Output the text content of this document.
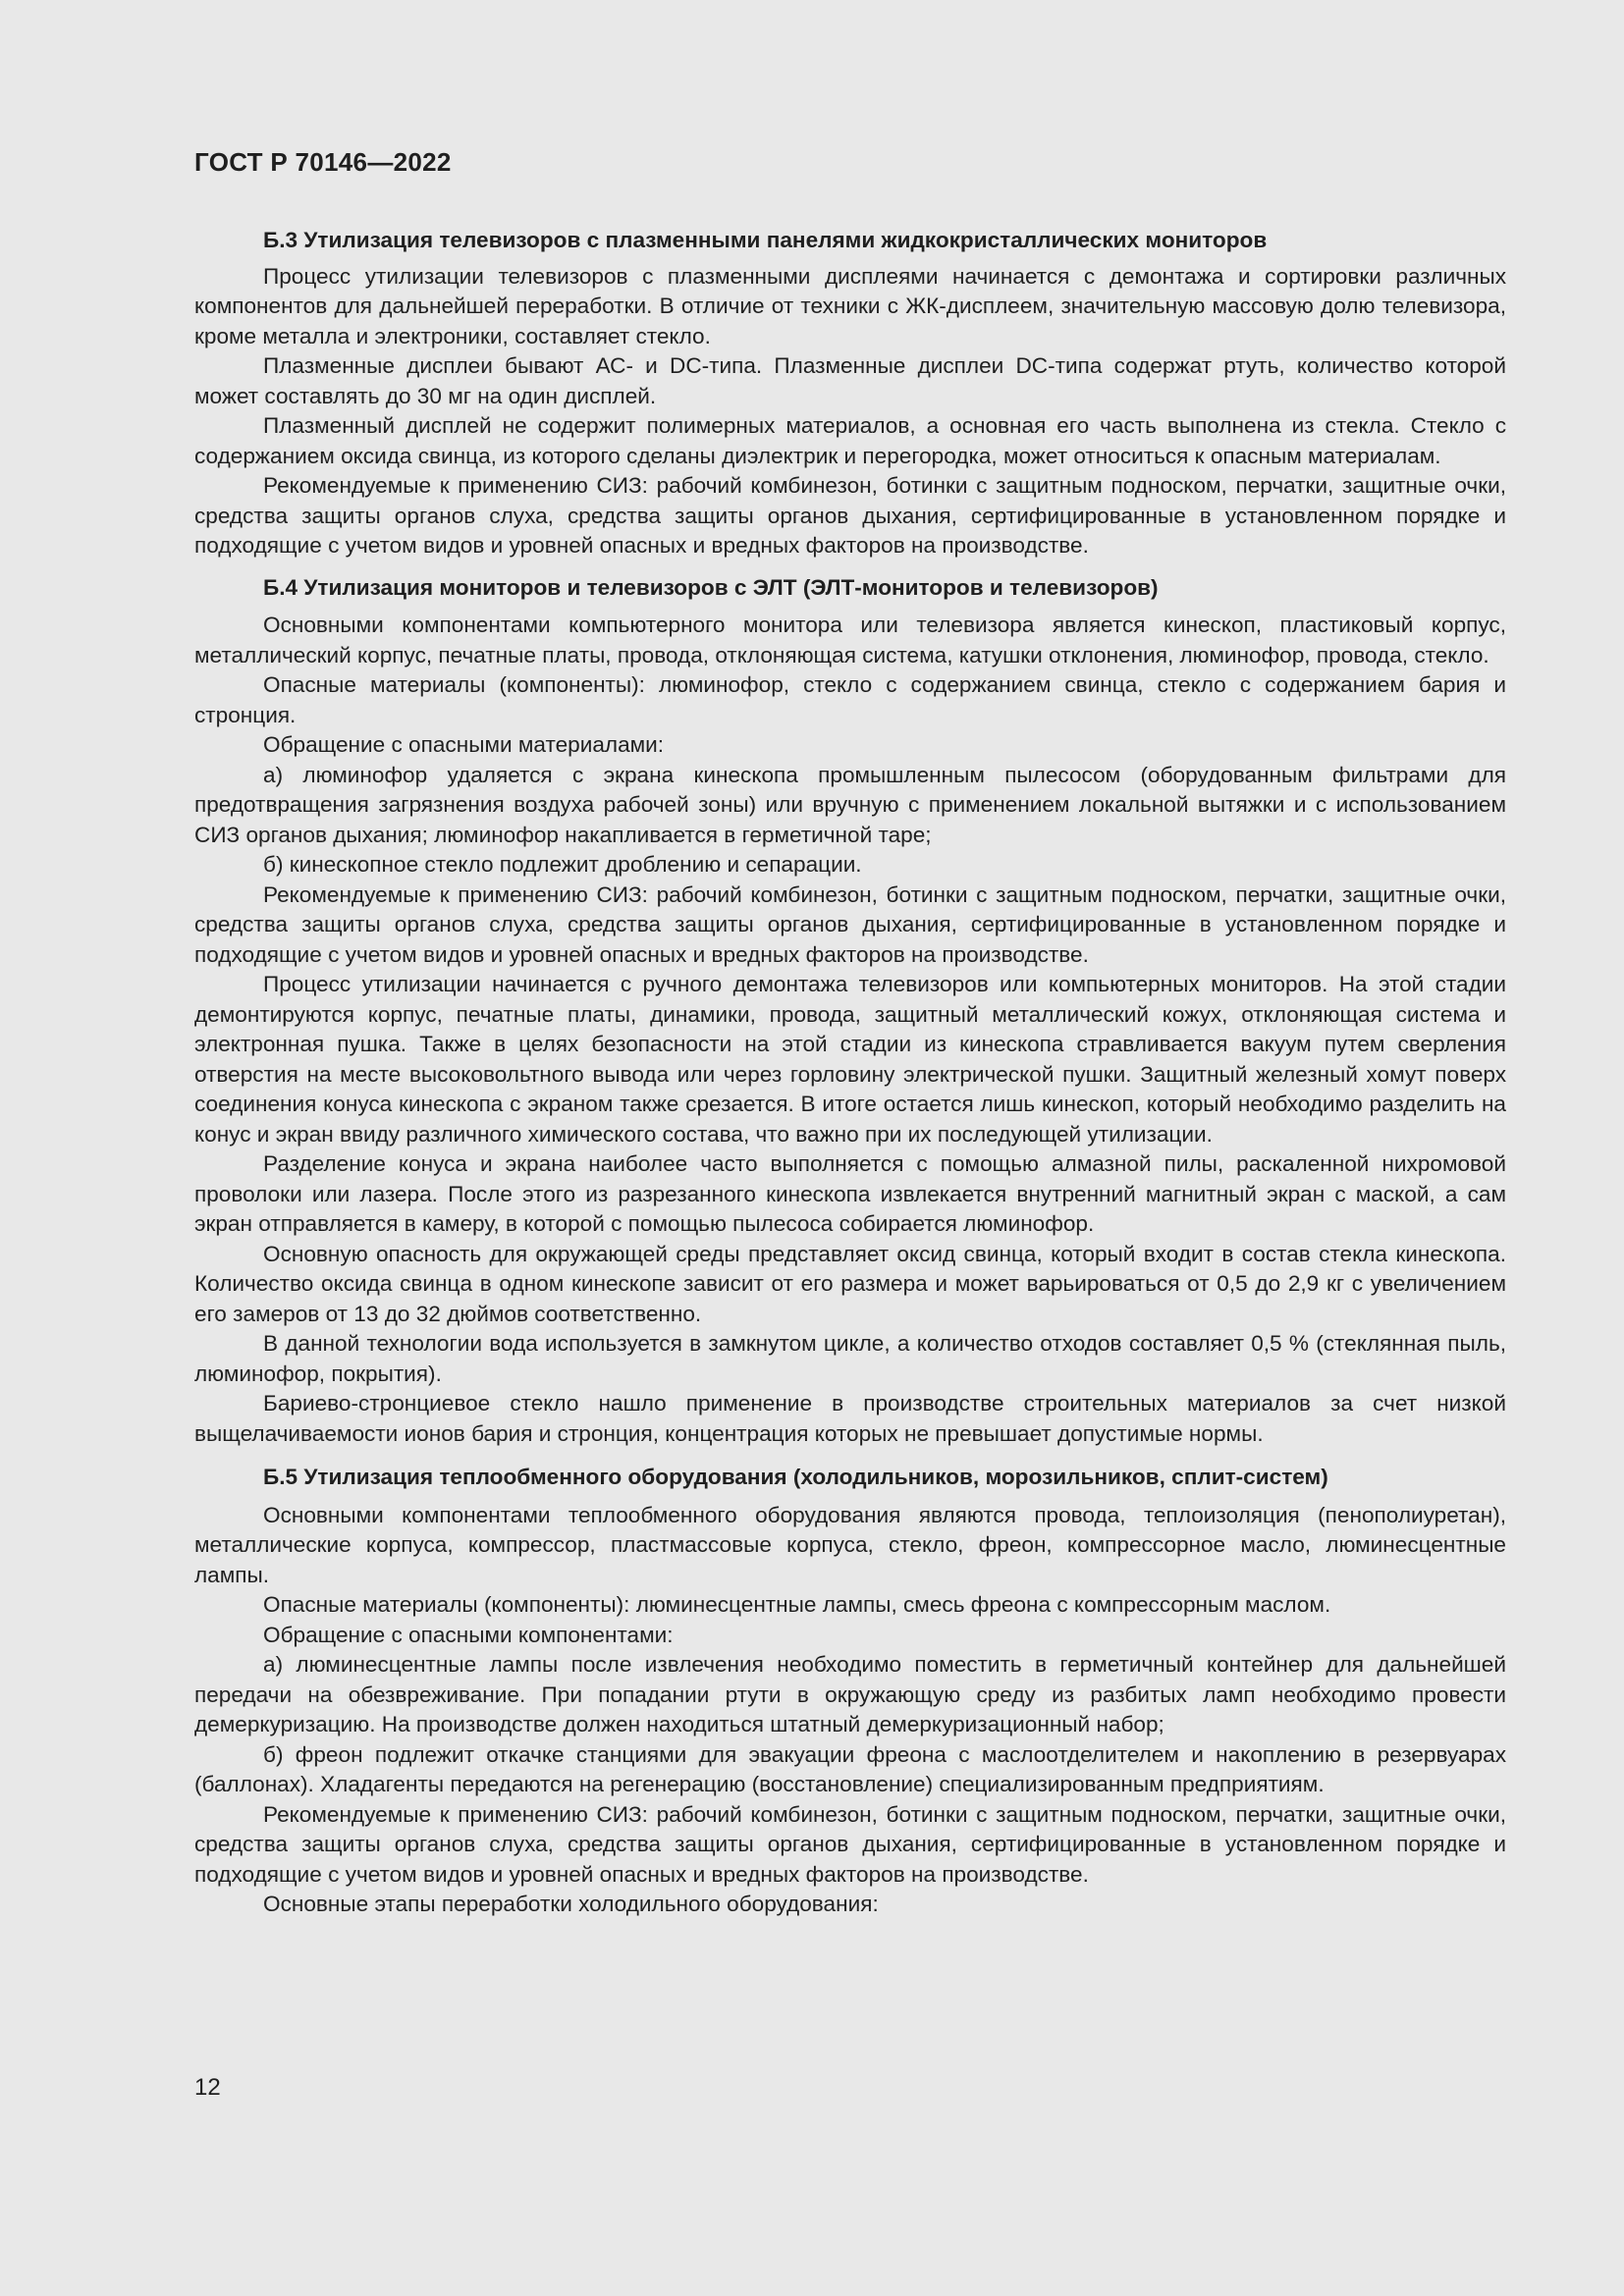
ГОСТ Р 70146—2022
Б.3 Утилизация телевизоров с плазменными панелями жидкокристаллических мониторов

Процесс утилизации телевизоров с плазменными дисплеями начинается с демонтажа и сортировки различных компонентов для дальнейшей переработки. В отличие от техники с ЖК-дисплеем, значительную массовую долю телевизора, кроме металла и электроники, составляет стекло.

Плазменные дисплеи бывают АС- и DC-типа. Плазменные дисплеи DC-типа содержат ртуть, количество которой может составлять до 30 мг на один дисплей.

Плазменный дисплей не содержит полимерных материалов, а основная его часть выполнена из стекла. Стекло с содержанием оксида свинца, из которого сделаны диэлектрик и перегородка, может относиться к опасным материалам.

Рекомендуемые к применению СИЗ: рабочий комбинезон, ботинки с защитным подноском, перчатки, защитные очки, средства защиты органов слуха, средства защиты органов дыхания, сертифицированные в установленном порядке и подходящие с учетом видов и уровней опасных и вредных факторов на производстве.

Б.4 Утилизация мониторов и телевизоров с ЭЛТ (ЭЛТ-мониторов и телевизоров)

Основными компонентами компьютерного монитора или телевизора является кинескоп, пластиковый корпус, металлический корпус, печатные платы, провода, отклоняющая система, катушки отклонения, люминофор, провода, стекло.

Опасные материалы (компоненты): люминофор, стекло с содержанием свинца, стекло с содержанием бария и стронция.

Обращение с опасными материалами:

а) люминофор удаляется с экрана кинескопа промышленным пылесосом (оборудованным фильтрами для предотвращения загрязнения воздуха рабочей зоны) или вручную с применением локальной вытяжки и с использованием СИЗ органов дыхания; люминофор накапливается в герметичной таре;

б) кинескопное стекло подлежит дроблению и сепарации.

Рекомендуемые к применению СИЗ: рабочий комбинезон, ботинки с защитным подноском, перчатки, защитные очки, средства защиты органов слуха, средства защиты органов дыхания, сертифицированные в установленном порядке и подходящие с учетом видов и уровней опасных и вредных факторов на производстве.

Процесс утилизации начинается с ручного демонтажа телевизоров или компьютерных мониторов. На этой стадии демонтируются корпус, печатные платы, динамики, провода, защитный металлический кожух, отклоняющая система и электронная пушка. Также в целях безопасности на этой стадии из кинескопа стравливается вакуум путем сверления отверстия на месте высоковольтного вывода или через горловину электрической пушки. Защитный железный хомут поверх соединения конуса кинескопа с экраном также срезается. В итоге остается лишь кинескоп, который необходимо разделить на конус и экран ввиду различного химического состава, что важно при их последующей утилизации.

Разделение конуса и экрана наиболее часто выполняется с помощью алмазной пилы, раскаленной нихромовой проволоки или лазера. После этого из разрезанного кинескопа извлекается внутренний магнитный экран с маской, а сам экран отправляется в камеру, в которой с помощью пылесоса собирается люминофор.

Основную опасность для окружающей среды представляет оксид свинца, который входит в состав стекла кинескопа. Количество оксида свинца в одном кинескопе зависит от его размера и может варьироваться от 0,5 до 2,9 кг с увеличением его замеров от 13 до 32 дюймов соответственно.

В данной технологии вода используется в замкнутом цикле, а количество отходов составляет 0,5 % (стеклянная пыль, люминофор, покрытия).

Бариево-стронциевое стекло нашло применение в производстве строительных материалов за счет низкой выщелачиваемости ионов бария и стронция, концентрация которых не превышает допустимые нормы.

Б.5 Утилизация теплообменного оборудования (холодильников, морозильников, сплит-систем)

Основными компонентами теплообменного оборудования являются провода, теплоизоляция (пенополиуретан), металлические корпуса, компрессор, пластмассовые корпуса, стекло, фреон, компрессорное масло, люминесцентные лампы.

Опасные материалы (компоненты): люминесцентные лампы, смесь фреона с компрессорным маслом.

Обращение с опасными компонентами:

а) люминесцентные лампы после извлечения необходимо поместить в герметичный контейнер для дальнейшей передачи на обезвреживание. При попадании ртути в окружающую среду из разбитых ламп необходимо провести демеркуризацию. На производстве должен находиться штатный демеркуризационный набор;

б) фреон подлежит откачке станциями для эвакуации фреона с маслоотделителем и накоплению в резервуарах (баллонах). Хладагенты передаются на регенерацию (восстановление) специализированным предприятиям.

Рекомендуемые к применению СИЗ: рабочий комбинезон, ботинки с защитным подноском, перчатки, защитные очки, средства защиты органов слуха, средства защиты органов дыхания, сертифицированные в установленном порядке и подходящие с учетом видов и уровней опасных и вредных факторов на производстве.

Основные этапы переработки холодильного оборудования:

12
